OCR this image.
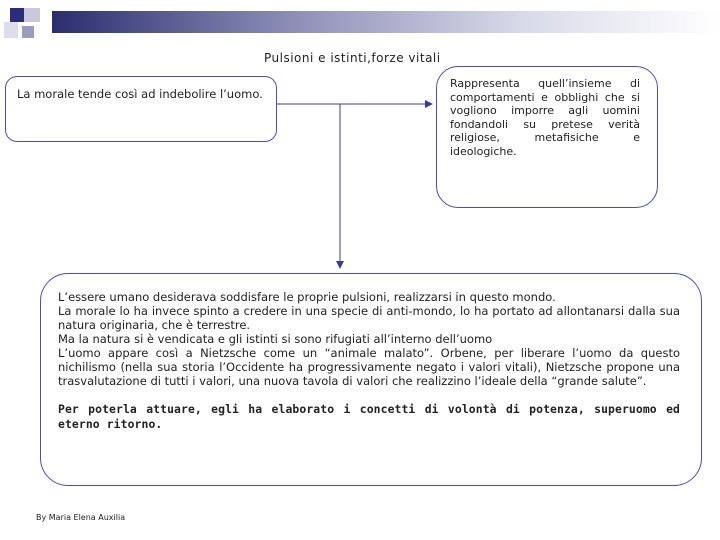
Pulsioni e istinti,forze vitali

La morale tende così ad indebolire l’uomo.

Rappresenta quell’insieme di comportamenti e obblighi che si vogliono imporre agli uomini fondandoli su pretese verità religiose, metafisiche e ideologiche.

L’essere umano desiderava soddisfare le proprie pulsioni, realizzarsi in questo mondo.

La morale lo ha invece spinto a credere in una specie di anti-mondo, lo ha portato ad allontanarsi dalla sua natura originaria, che è terrestre.

Ma la natura si è vendicata e gli istinti si sono rifugiati all’interno dell’uomo

L’uomo appare così a Nietzsche come un “animale malato”. Orbene, per liberare l’uomo da questo nichilismo (nella sua storia l’Occidente ha progressivamente negato i valori vitali), Nietzsche propone una trasvalutazione di tutti i valori, una nuova tavola di valori che realizzino l’ideale della “grande salute”.

Per poterla attuare, egli ha elaborato i concetti di volontà di potenza, superuomo ed eterno ritorno.

By Maria Elena Auxilia
